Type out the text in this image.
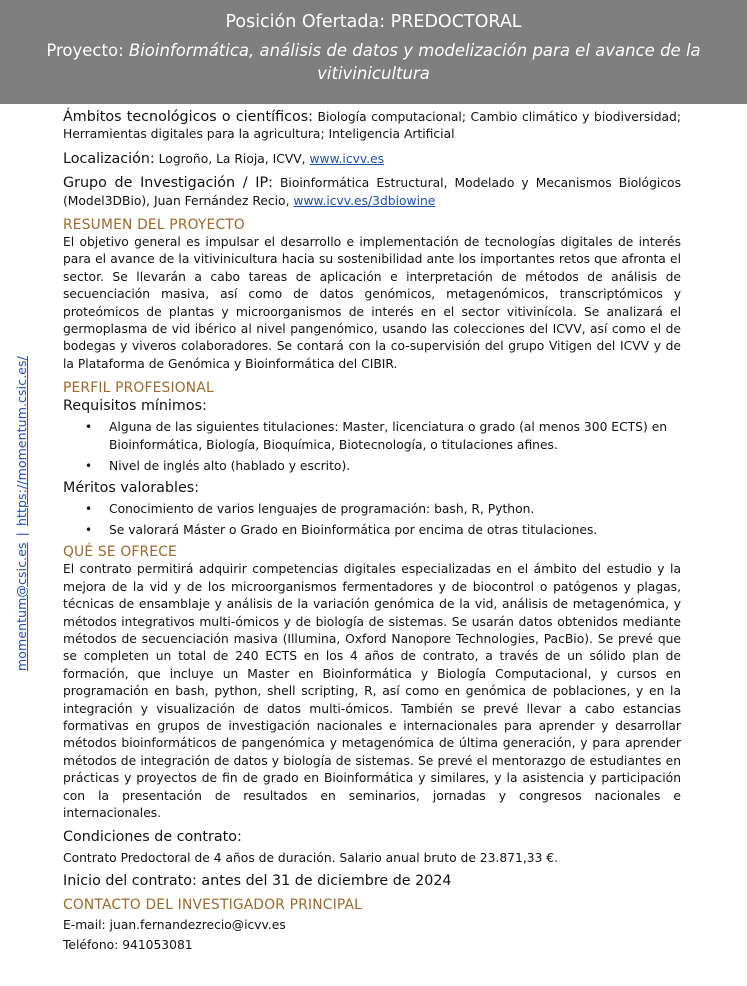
Posición Ofertada: PREDOCTORAL
Proyecto: Bioinformática, análisis de datos y modelización para el avance de la vitivinicultura
momentum@csic.es|https://momentum.csic.es/

Ámbitos tecnológicos o científicos: Biología computacional; Cambio climático y biodiversidad; Herramientas digitales para la agricultura; Inteligencia Artificial

Localización: Logroño, La Rioja, ICVV, www.icvv.es

Grupo de Investigación / IP: Bioinformática Estructural, Modelado y Mecanismos Biológicos (Model3DBio), Juan Fernández Recio, www.icvv.es/3dbiowine

RESUMEN DEL PROYECTO

El objetivo general es impulsar el desarrollo e implementación de tecnologías digitales de interés para el avance de la vitivinicultura hacia su sostenibilidad ante los importantes retos que afronta el sector. Se llevarán a cabo tareas de aplicación e interpretación de métodos de análisis de secuenciación masiva, así como de datos genómicos, metagenómicos, transcriptómicos y proteómicos de plantas y microorganismos de interés en el sector vitivinícola. Se analizará el germoplasma de vid ibérico al nivel pangenómico, usando las colecciones del ICVV, así como el de bodegas y viveros colaboradores. Se contará con la co-supervisión del grupo Vitigen del ICVV y de la Plataforma de Genómica y Bioinformática del CIBIR.

PERFIL PROFESIONAL

Requisitos mínimos:

• Alguna de las siguientes titulaciones: Master, licenciatura o grado (al menos 300 ECTS) en Bioinformática, Biología, Bioquímica, Biotecnología, o titulaciones afines.
• Nivel de inglés alto (hablado y escrito).

Méritos valorables:

• Conocimiento de varios lenguajes de programación: bash, R, Python.
• Se valorará Máster o Grado en Bioinformática por encima de otras titulaciones.

QUÉ SE OFRECE

El contrato permitirá adquirir competencias digitales especializadas en el ámbito del estudio y la mejora de la vid y de los microorganismos fermentadores y de biocontrol o patógenos y plagas, técnicas de ensamblaje y análisis de la variación genómica de la vid, análisis de metagenómica, y métodos integrativos multi-ómicos y de biología de sistemas. Se usarán datos obtenidos mediante métodos de secuenciación masiva (Illumina, Oxford Nanopore Technologies, PacBio). Se prevé que se completen un total de 240 ECTS en los 4 años de contrato, a través de un sólido plan de formación, que incluye un Master en Bioinformática y Biología Computacional, y cursos en programación en bash, python, shell scripting, R, así como en genómica de poblaciones, y en la integración y visualización de datos multi-ómicos. También se prevé llevar a cabo estancias formativas en grupos de investigación nacionales e internacionales para aprender y desarrollar métodos bioinformáticos de pangenómica y metagenómica de última generación, y para aprender métodos de integración de datos y biología de sistemas. Se prevé el mentorazgo de estudiantes en prácticas y proyectos de fin de grado en Bioinformática y similares, y la asistencia y participación con la presentación de resultados en seminarios, jornadas y congresos nacionales e internacionales.

Condiciones de contrato:

Contrato Predoctoral de 4 años de duración. Salario anual bruto de 23.871,33 €.

Inicio del contrato: antes del 31 de diciembre de 2024

CONTACTO DEL INVESTIGADOR PRINCIPAL

E-mail: juan.fernandezrecio@icvv.es

Teléfono: 941053081
